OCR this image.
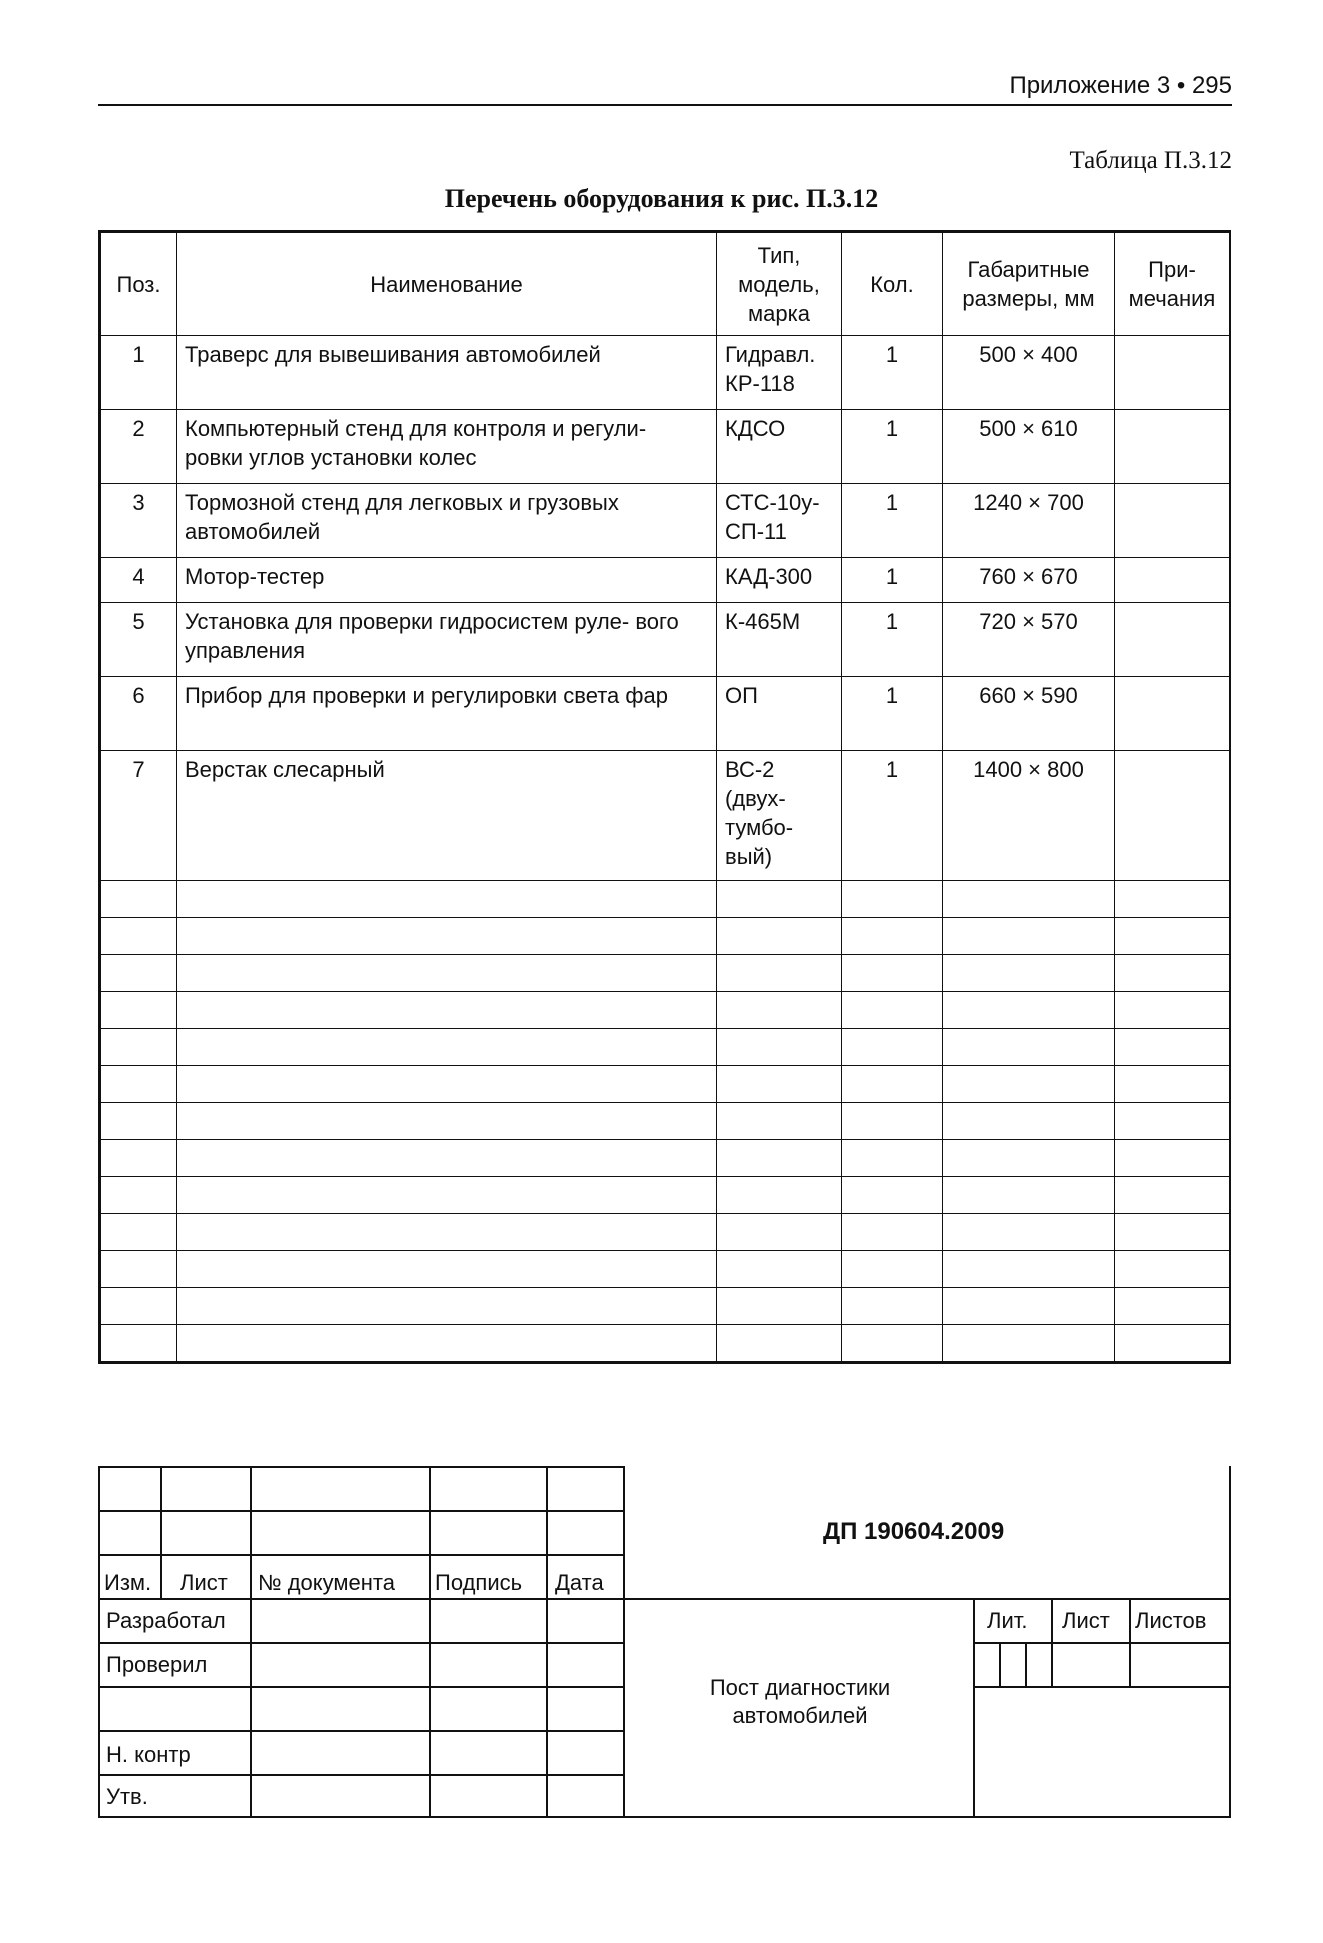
Приложение 3 • 295
Таблица П.3.12
Перечень оборудования к рис. П.3.12
Поз.	Наименование	Тип, модель, марка	Кол.	Габаритные размеры, мм	При- мечания
1	Траверс для вывешивания автомобилей	Гидравл. КР-118	1	500 × 400	
2	Компьютерный стенд для контроля и регули- ровки углов установки колес	КДСО	1	500 × 610	
3	Тормозной стенд для легковых и грузовых автомобилей	СТС-10у- СП-11	1	1240 × 700	
4	Мотор-тестер	КАД-300	1	760 × 670	
5	Установка для проверки гидросистем руле- вого управления	К-465М	1	720 × 570	
6	Прибор для проверки и регулировки света фар	ОП	1	660 × 590	
7	Верстак слесарный	ВС-2 (двух- тумбо- вый)	1	1400 × 800	

Изм. Лист № документа Подпись Дата
ДП 190604.2009
Разработал
Проверил
Н. контр
Утв.
Пост диагностики автомобилей
Лит. Лист Листов
